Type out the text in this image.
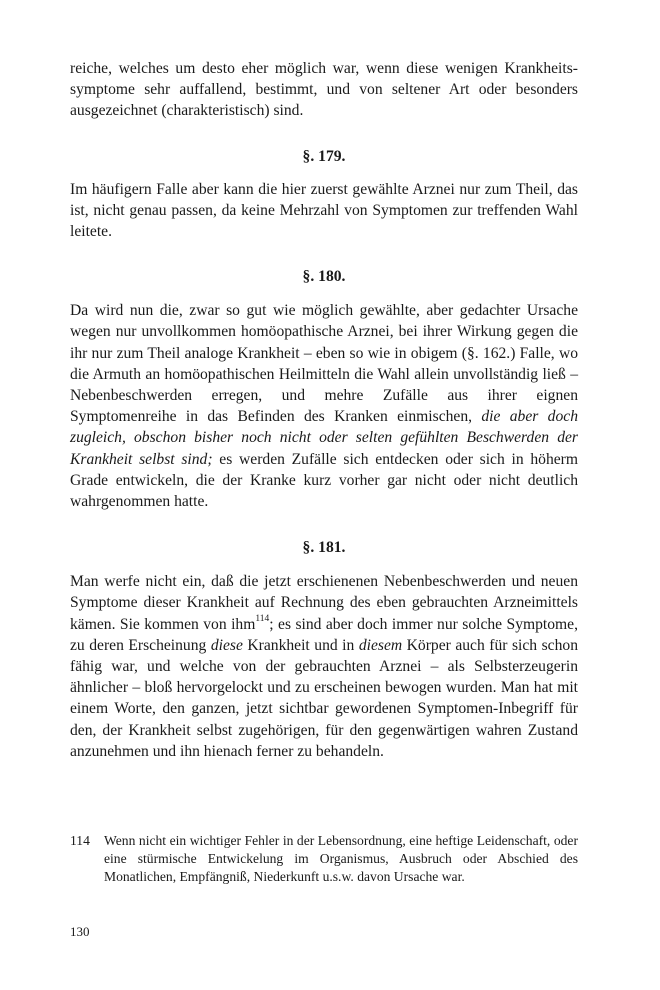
reiche, welches um desto eher möglich war, wenn diese wenigen Krankheits-symptome sehr auffallend, bestimmt, und von seltener Art oder besonders ausgezeichnet (charakteristisch) sind.

§. 179.

Im häufigern Falle aber kann die hier zuerst gewählte Arznei nur zum Theil, das ist, nicht genau passen, da keine Mehrzahl von Symptomen zur treffenden Wahl leitete.

§. 180.

Da wird nun die, zwar so gut wie möglich gewählte, aber gedachter Ursache wegen nur unvollkommen homöopathische Arznei, bei ihrer Wirkung gegen die ihr nur zum Theil analoge Krankheit – eben so wie in obigem (§. 162.) Falle, wo die Armuth an homöopathischen Heilmitteln die Wahl allein unvollständig ließ – Nebenbeschwerden erregen, und mehre Zufälle aus ihrer eignen Symptomenreihe in das Befinden des Kranken einmischen, die aber doch zugleich, obschon bisher noch nicht oder selten gefühlten Beschwerden der Krankheit selbst sind; es werden Zufälle sich entdecken oder sich in höherm Grade entwickeln, die der Kranke kurz vorher gar nicht oder nicht deutlich wahrgenommen hatte.

§. 181.

Man werfe nicht ein, daß die jetzt erschienenen Nebenbeschwerden und neuen Symptome dieser Krankheit auf Rechnung des eben gebrauchten Arzneimittels kämen. Sie kommen von ihm$^{114}$; es sind aber doch immer nur solche Symptome, zu deren Erscheinung diese Krankheit und in diesem Körper auch für sich schon fähig war, und welche von der gebrauchten Arznei – als Selbsterzeugerin ähnlicher – bloß hervorgelockt und zu erscheinen bewogen wurden. Man hat mit einem Worte, den ganzen, jetzt sichtbar gewordenen Symptomen-Inbegriff für den, der Krankheit selbst zugehörigen, für den gegenwärtigen wahren Zustand anzunehmen und ihn hienach ferner zu behandeln.

114	Wenn nicht ein wichtiger Fehler in der Lebensordnung, eine heftige Leidenschaft, oder eine stürmische Entwickelung im Organismus, Ausbruch oder Abschied des Monatlichen, Empfängniß, Niederkunft u.s.w. davon Ursache war.
130
